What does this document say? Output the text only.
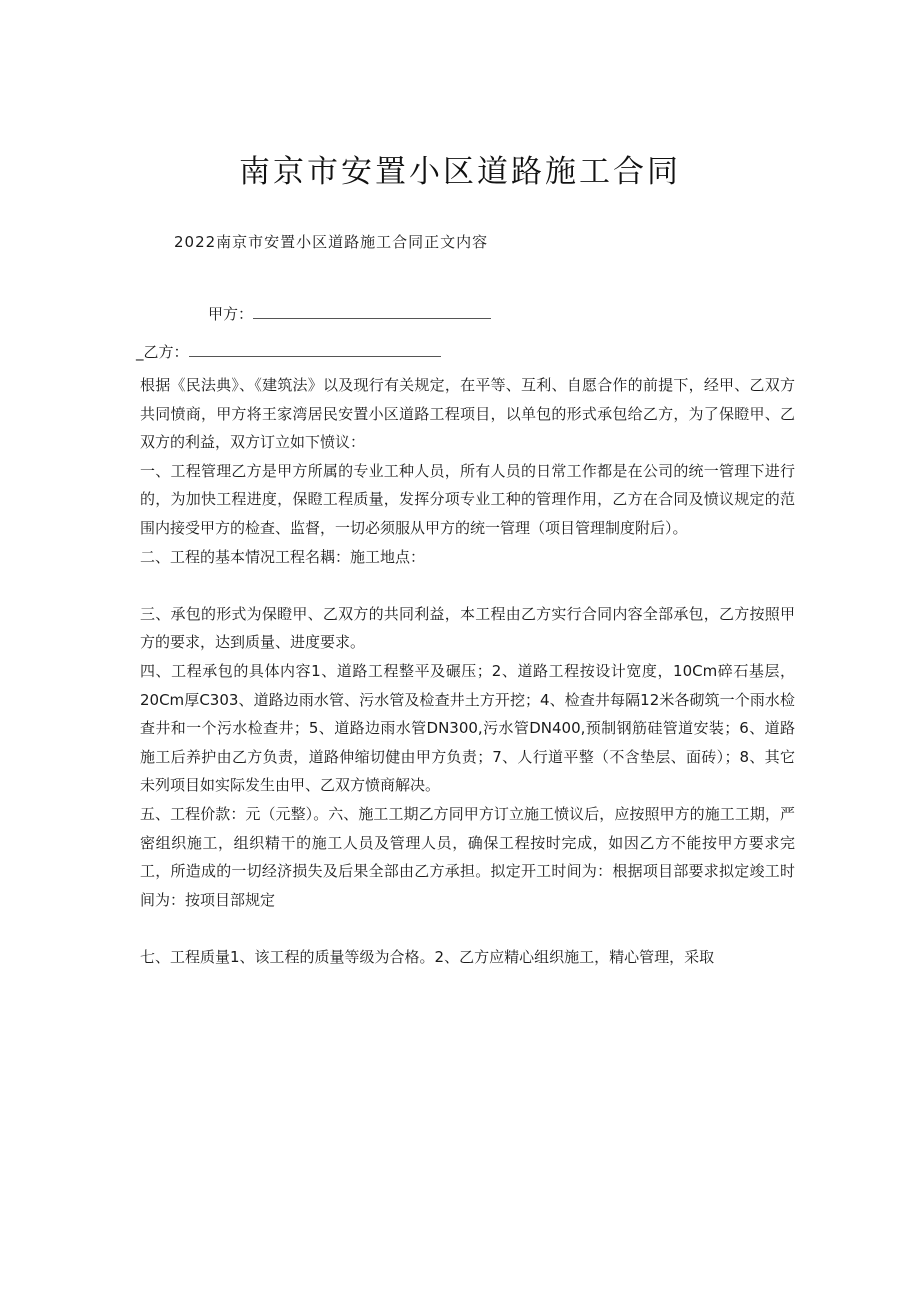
南京市安置小区道路施工合同
2022南京市安置小区道路施工合同正文内容
甲方：
_乙方：

根据《民法典》、《建筑法》以及现行有关规定，在平等、互利、自愿合作的前提下，经甲、乙双方共同愤商，甲方将王家湾居民安置小区道路工程项目，以单包的形式承包给乙方，为了保瞪甲、乙双方的利益，双方订立如下愤议：

一、工程管理乙方是甲方所属的专业工种人员，所有人员的日常工作都是在公司的统一管理下进行的，为加快工程进度，保瞪工程质量，发挥分项专业工种的管理作用，乙方在合同及愤议规定的范围内接受甲方的检查、监督，一切必须服从甲方的统一管理（项目管理制度附后）。

二、工程的基本情况工程名耦：施工地点：

三、承包的形式为保瞪甲、乙双方的共同利益，本工程由乙方实行合同内容全部承包，乙方按照甲方的要求，达到质量、进度要求。

四、工程承包的具体内容1、道路工程整平及碾压；2、道路工程按设计宽度，10Cm碎石基层，20Cm厚C303、道路边雨水管、污水管及检查井土方开挖；4、检查井每隔12米各砌筑一个雨水检查井和一个污水检查井；5、道路边雨水管DN300,污水管DN400,预制钢筋硅管道安装；6、道路施工后养护由乙方负责，道路伸缩切健由甲方负责；7、人行道平整（不含垫层、面砖）；8、其它未列项目如实际发生由甲、乙双方愤商解决。

五、工程价款：元（元整）。六、施工工期乙方同甲方订立施工愤议后，应按照甲方的施工工期，严密组织施工，组织精干的施工人员及管理人员，确保工程按时完成，如因乙方不能按甲方要求完工，所造成的一切经济损失及后果全部由乙方承担。拟定开工时间为：根据项目部要求拟定竣工时间为：按项目部规定

七、工程质量1、该工程的质量等级为合格。2、乙方应精心组织施工，精心管理，采取
